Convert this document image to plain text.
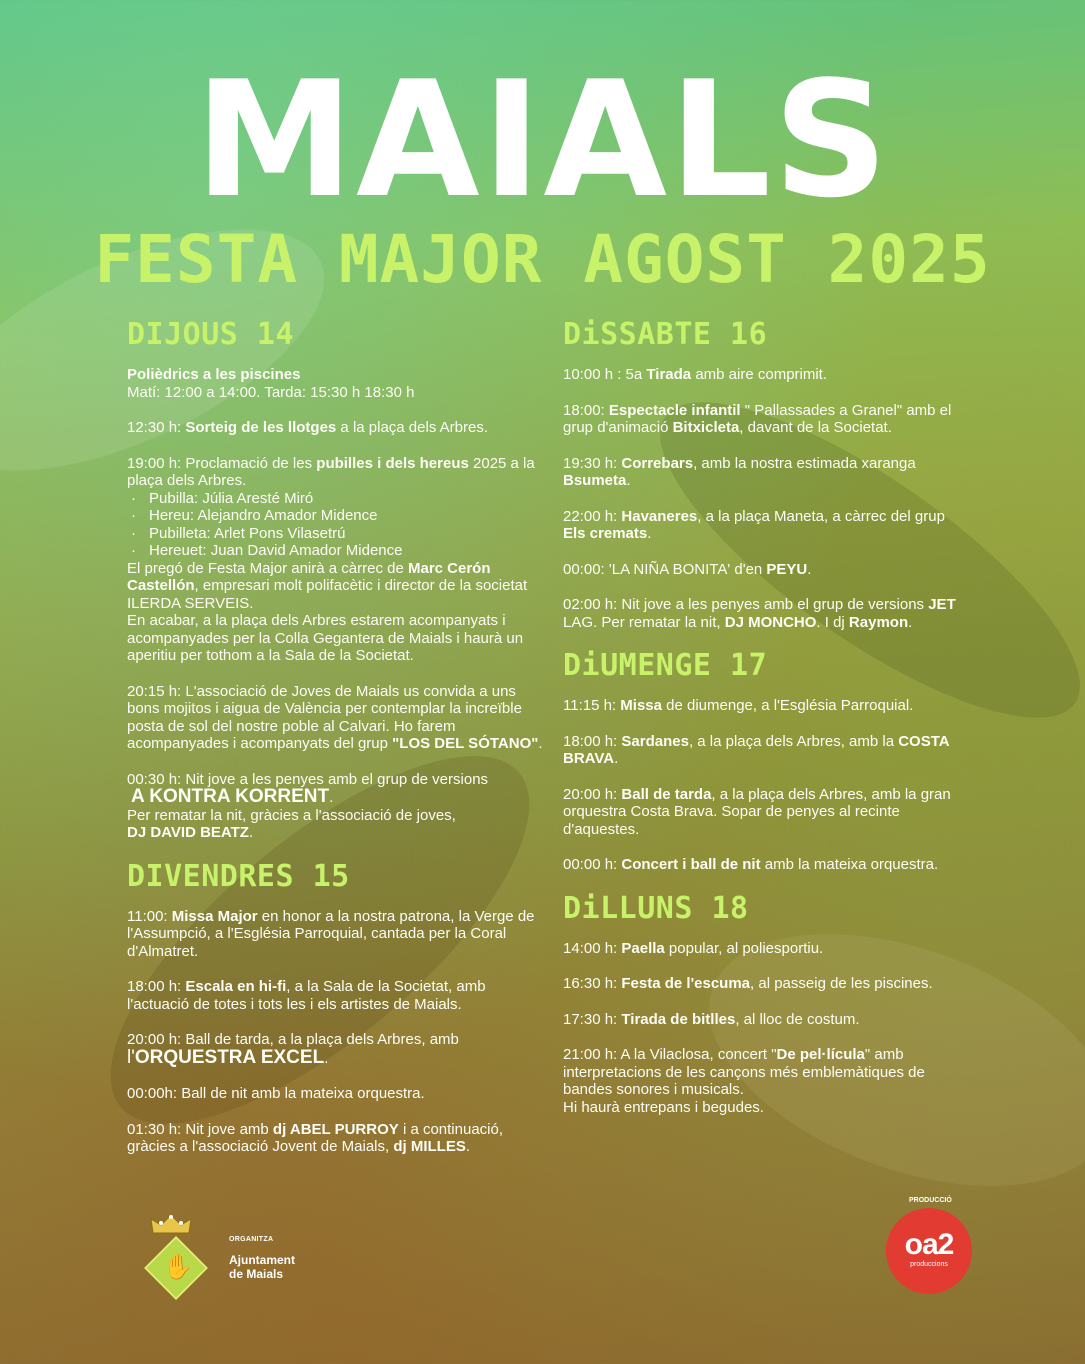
MAIALS
FESTA MAJOR AGOST 2025
DIJOUS 14
Polièdrics a les piscines
Matí: 12:00 a 14:00. Tarda: 15:30 h 18:30 h
12:30 h: Sorteig de les llotges a la plaça dels Arbres.
19:00 h: Proclamació de les pubilles i dels hereus 2025 a la plaça dels Arbres.
· Pubilla: Júlia Aresté Miró
· Hereu: Alejandro Amador Midence
· Pubilleta: Arlet Pons Vilasetrú
· Hereuet: Juan David Amador Midence
El pregó de Festa Major anirà a càrrec de Marc Cerón Castellón, empresari molt polifacètic i director de la societat ILERDA SERVEIS.
En acabar, a la plaça dels Arbres estarem acompanyats i acompanyades per la Colla Gegantera de Maials i haurà un aperitiu per tothom a la Sala de la Societat.
20:15 h: L'associació de Joves de Maials us convida a uns bons mojitos i aigua de València per contemplar la increïble posta de sol del nostre poble al Calvari. Ho farem acompanyades i acompanyats del grup "LOS DEL SÓTANO".
00:30 h: Nit jove a les penyes amb el grup de versions
A KONTRA KORRENT.
Per rematar la nit, gràcies a l'associació de joves,
DJ DAVID BEATZ.
DIVENDRES 15
11:00: Missa Major en honor a la nostra patrona, la Verge de l'Assumpció, a l'Església Parroquial, cantada per la Coral d'Almatret.
18:00 h: Escala en hi-fi, a la Sala de la Societat, amb l'actuació de totes i tots les i els artistes de Maials.
20:00 h: Ball de tarda, a la plaça dels Arbres, amb
l'ORQUESTRA EXCEL.
00:00h: Ball de nit amb la mateixa orquestra.
01:30 h: Nit jove amb dj ABEL PURROY i a continuació, gràcies a l'associació Jovent de Maials, dj MILLES.
DiSSABTE 16
10:00 h : 5a Tirada amb aire comprimit.
18:00: Espectacle infantil " Pallassades a Granel" amb el grup d'animació Bitxicleta, davant de la Societat.
19:30 h: Correbars, amb la nostra estimada xaranga Bsumeta.
22:00 h: Havaneres, a la plaça Maneta, a càrrec del grup Els cremats.
00:00: 'LA NIÑA BONITA' d'en PEYU.
02:00 h: Nit jove a les penyes amb el grup de versions JET LAG. Per rematar la nit, DJ MONCHO. I dj Raymon.
DiUMENGE 17
11:15 h: Missa de diumenge, a l'Església Parroquial.
18:00 h: Sardanes, a la plaça dels Arbres, amb la COSTA BRAVA.
20:00 h: Ball de tarda, a la plaça dels Arbres, amb la gran orquestra Costa Brava. Sopar de penyes al recinte d'aquestes.
00:00 h: Concert i ball de nit amb la mateixa orquestra.
DiLLUNS 18
14:00 h: Paella popular, al poliesportiu.
16:30 h: Festa de l'escuma, al passeig de les piscines.
17:30 h: Tirada de bitlles, al lloc de costum.
21:00 h: A la Vilaclosa, concert "De pel·lícula" amb interpretacions de les cançons més emblemàtiques de bandes sonores i musicals.
Hi haurà entrepans i begudes.
✋
ORGANITZA
Ajuntament
de Maials
PRODUCCIÓ
oa2
produccions
